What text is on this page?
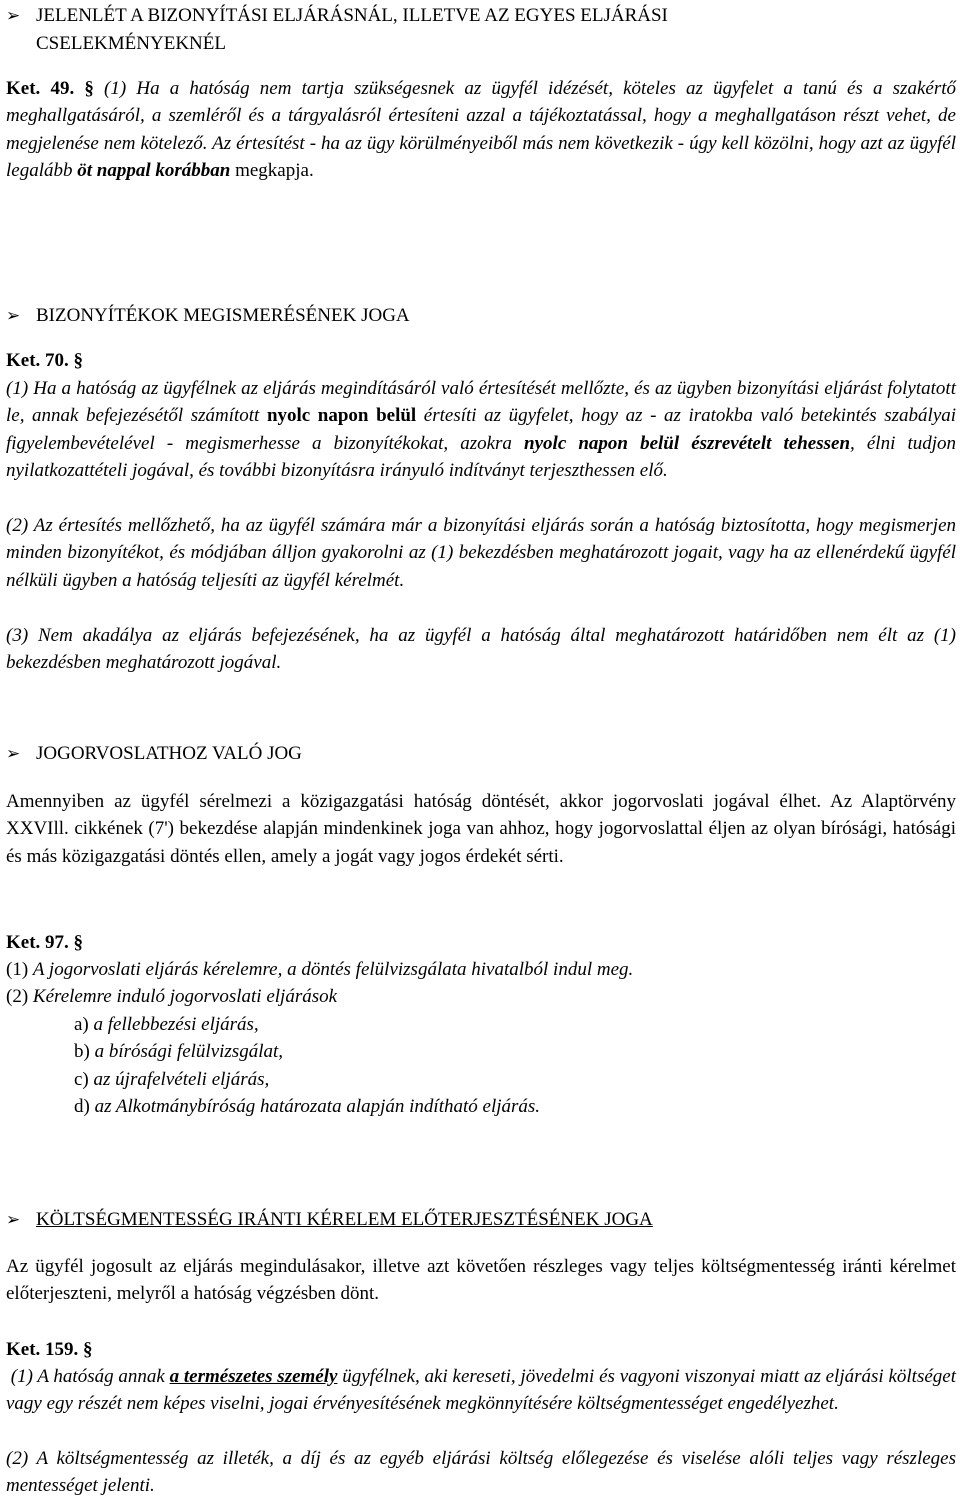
➢ JELENLÉT A BIZONYÍTÁSI ELJÁRÁSNÁL, ILLETVE AZ EGYES ELJÁRÁSI
CSELEKMÉNYEKNÉL

Ket. 49. § (1) Ha a hatóság nem tartja szükségesnek az ügyfél idézését, köteles az ügyfelet a tanú és a szakértő meghallgatásáról, a szemléről és a tárgyalásról értesíteni azzal a tájékoztatással, hogy a meghallgatáson részt vehet, de megjelenése nem kötelező. Az értesítést - ha az ügy körülményeiből más nem következik - úgy kell közölni, hogy azt az ügyfél legalább öt nappal korábban megkapja.

➢ BIZONYÍTÉKOK MEGISMERÉSÉNEK JOGA

Ket. 70. §

(1) Ha a hatóság az ügyfélnek az eljárás megindításáról való értesítését mellőzte, és az ügyben bizonyítási eljárást folytatott le, annak befejezésétől számított nyolc napon belül értesíti az ügyfelet, hogy az - az iratokba való betekintés szabályai figyelembevételével - megismerhesse a bizonyítékokat, azokra nyolc napon belül észrevételt tehessen, élni tudjon nyilatkozattételi jogával, és további bizonyításra irányuló indítványt terjeszthessen elő.

(2) Az értesítés mellőzhető, ha az ügyfél számára már a bizonyítási eljárás során a hatóság biztosította, hogy megismerjen minden bizonyítékot, és módjában álljon gyakorolni az (1) bekezdésben meghatározott jogait, vagy ha az ellenérdekű ügyfél nélküli ügyben a hatóság teljesíti az ügyfél kérelmét.

(3) Nem akadálya az eljárás befejezésének, ha az ügyfél a hatóság által meghatározott határidőben nem élt az (1) bekezdésben meghatározott jogával.

➢ JOGORVOSLATHOZ VALÓ JOG

Amennyiben az ügyfél sérelmezi a közigazgatási hatóság döntését, akkor jogorvoslati jogával élhet. Az Alaptörvény XXVIll. cikkének (7') bekezdése alapján mindenkinek joga van ahhoz, hogy jogorvoslattal éljen az olyan bírósági, hatósági és más közigazgatási döntés ellen, amely a jogát vagy jogos érdekét sérti.

Ket. 97. §

(1) A jogorvoslati eljárás kérelemre, a döntés felülvizsgálata hivatalból indul meg.

(2) Kérelemre induló jogorvoslati eljárások

a) a fellebbezési eljárás,

b) a bírósági felülvizsgálat,

c) az újrafelvételi eljárás,

d) az Alkotmánybíróság határozata alapján indítható eljárás.

➢ KÖLTSÉGMENTESSÉG IRÁNTI KÉRELEM ELŐTERJESZTÉSÉNEK JOGA

Az ügyfél jogosult az eljárás megindulásakor, illetve azt követően részleges vagy teljes költségmentesség iránti kérelmet előterjeszteni, melyről a hatóság végzésben dönt.

Ket. 159. §

(1) A hatóság annak a természetes személy ügyfélnek, aki kereseti, jövedelmi és vagyoni viszonyai miatt az eljárási költséget vagy egy részét nem képes viselni, jogai érvényesítésének megkönnyítésére költségmentességet engedélyezhet.

(2) A költségmentesség az illeték, a díj és az egyéb eljárási költség előlegezése és viselése alóli teljes vagy részleges mentességet jelenti.
